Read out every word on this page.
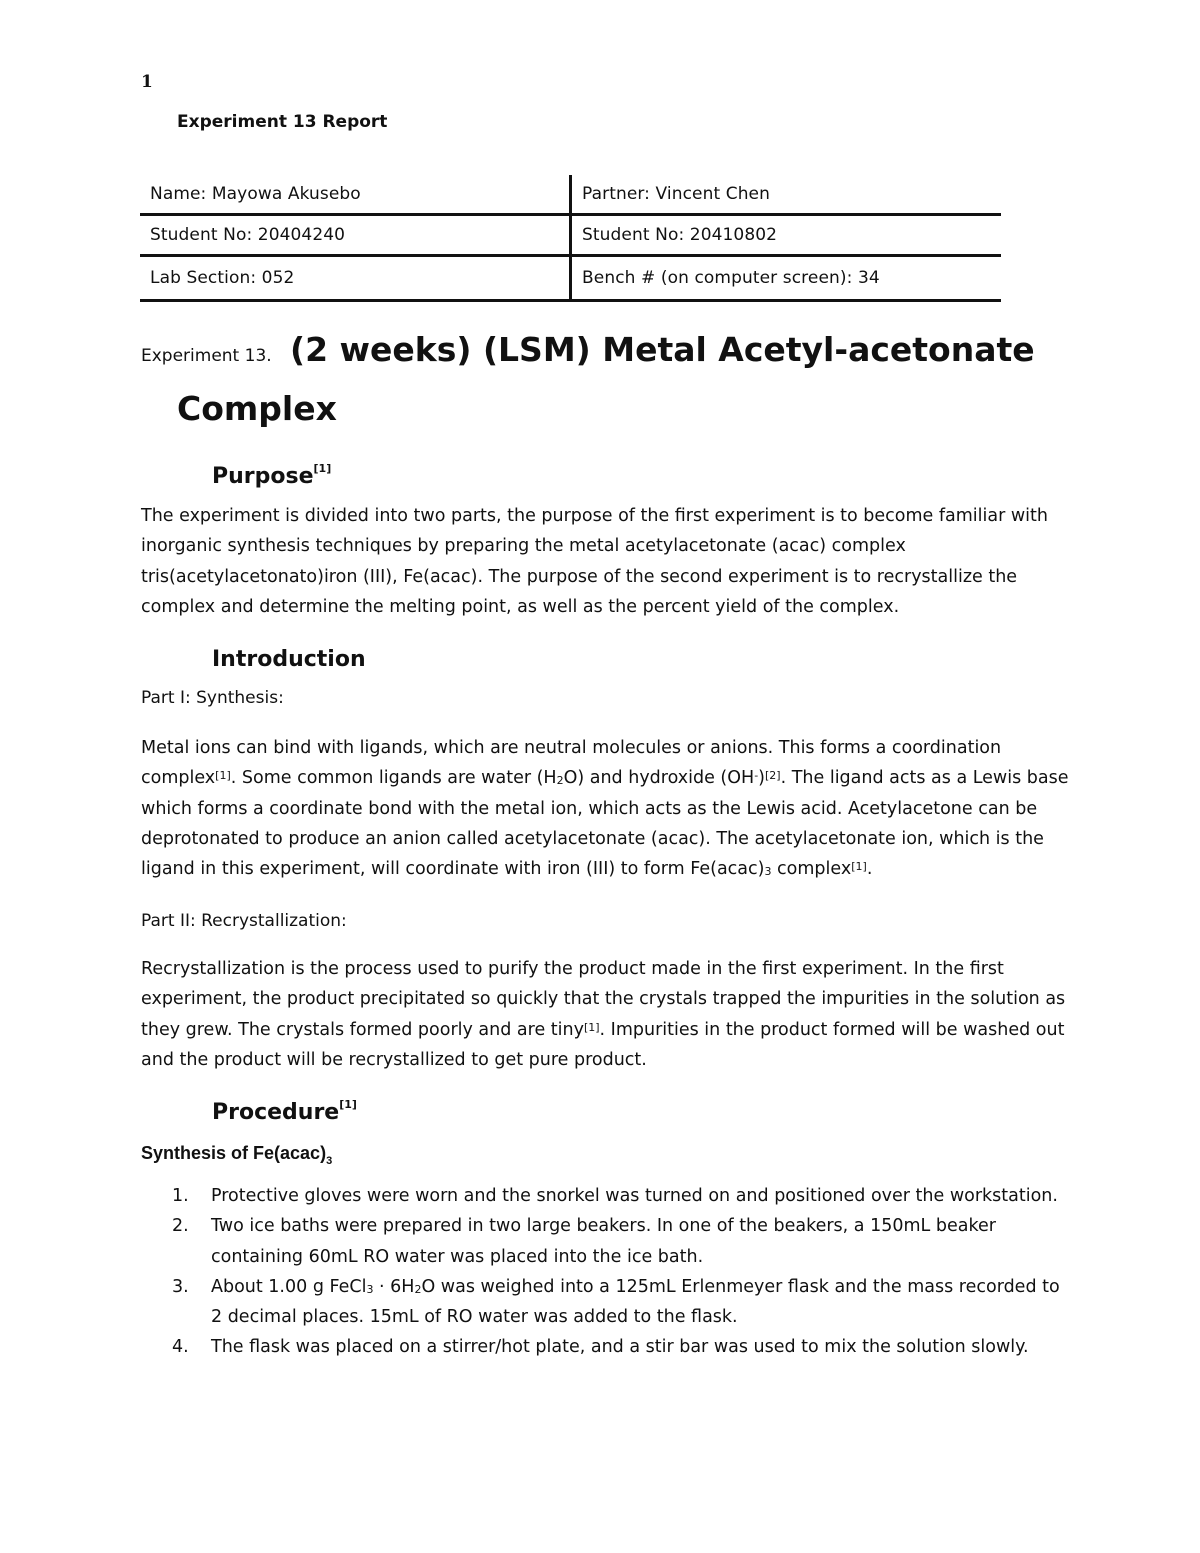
1
Experiment 13 Report
Name: Mayowa Akusebo	Partner: Vincent Chen
Student No: 20404240	Student No: 20410802
Lab Section: 052	Bench # (on computer screen): 34
Experiment 13. (2 weeks) (LSM) Metal Acetyl-acetonate
Complex
Purpose[1]

The experiment is divided into two parts, the purpose of the first experiment is to become familiar with inorganic synthesis techniques by preparing the metal acetylacetonate (acac) complex tris(acetylacetonato)iron (III), Fe(acac). The purpose of the second experiment is to recrystallize the complex and determine the melting point, as well as the percent yield of the complex.

Introduction
Part I: Synthesis:

Metal ions can bind with ligands, which are neutral molecules or anions. This forms a coordination complex[1]. Some common ligands are water $(H_2O)$ and hydroxide (OH-)[2]. The ligand acts as a Lewis base which forms a coordinate bond with the metal ion, which acts as the Lewis acid. Acetylacetone can be deprotonated to produce an anion called acetylacetonate (acac). The acetylacetonate ion, which is the ligand in this experiment, will coordinate with iron (III) to form $Fe(acac)_3$ complex[1].

Part II: Recrystallization:

Recrystallization is the process used to purify the product made in the first experiment. In the first experiment, the product precipitated so quickly that the crystals trapped the impurities in the solution as they grew. The crystals formed poorly and are tiny[1]. Impurities in the product formed will be washed out and the product will be recrystallized to get pure product.

Procedure[1]
Synthesis of $Fe(acac)_3$
1.	Protective gloves were worn and the snorkel was turned on and positioned over the workstation.
2.	Two ice baths were prepared in two large beakers. In one of the beakers, a 150mL beaker containing 60mL RO water was placed into the ice bath.
3.	About 1.00 g FeCl$_3$ · $6H_2O$ was weighed into a 125mL Erlenmeyer flask and the mass recorded to 2 decimal places. 15mL of RO water was added to the flask.
4.	The flask was placed on a stirrer/hot plate, and a stir bar was used to mix the solution slowly.
